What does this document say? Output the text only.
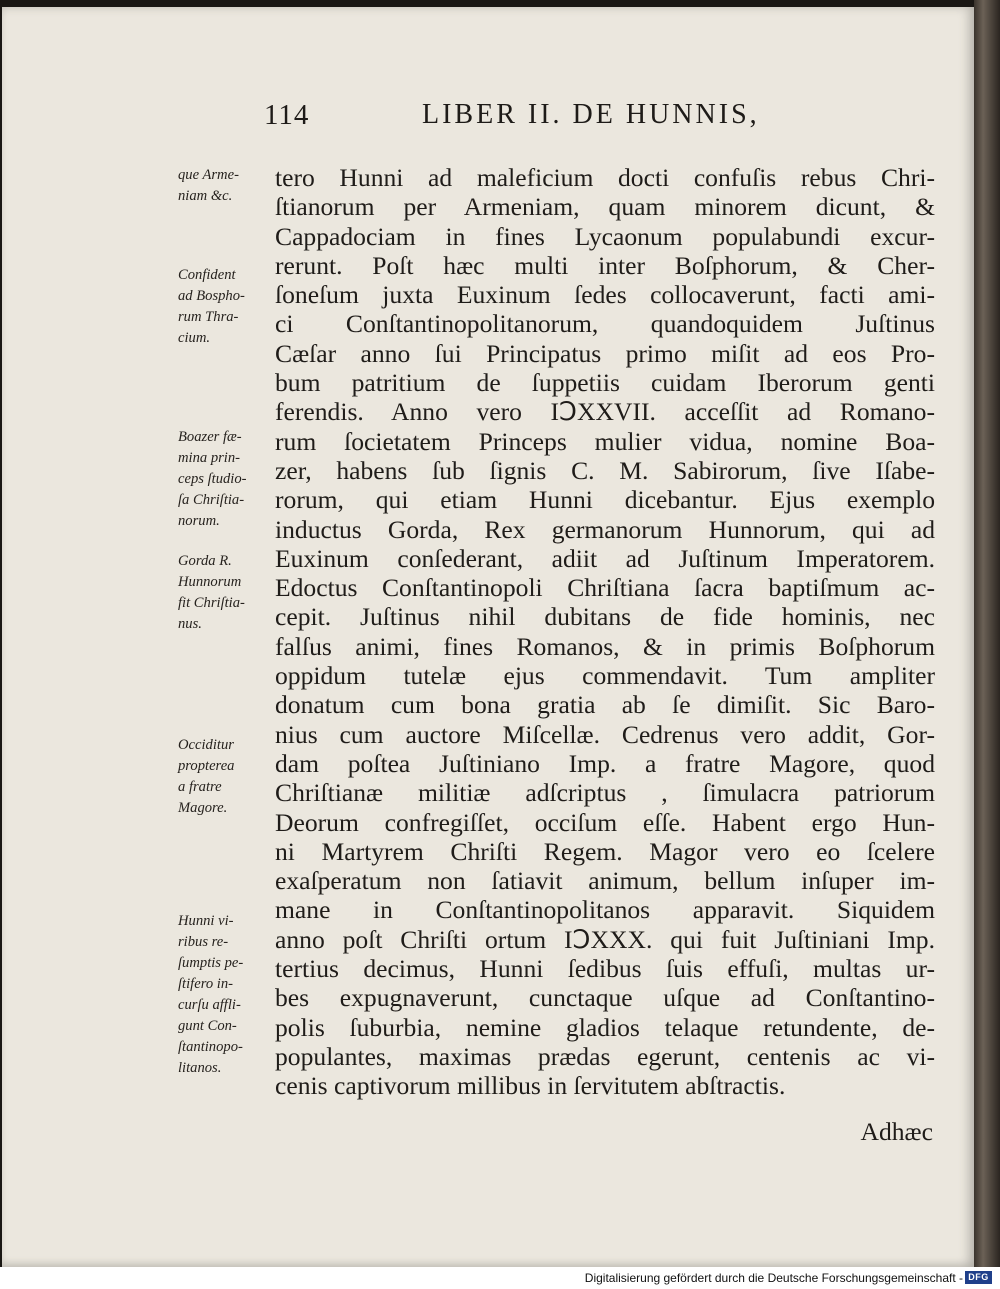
114	LIBER II. DE HUNNIS,
que Arme-
niam &c.
Confident
ad Bospho-
rum Thra-
cium.
Boazer fæ-
mina prin-
ceps ſtudio-
ſa Chriſtia-
norum.
Gorda R.
Hunnorum
fit Chriſtia-
nus.
Occiditur
propterea
a fratre
Magore.
Hunni vi-
ribus re-
ſumptis pe-
ſtifero in-
curſu affli-
gunt Con-
ſtantinopo-
litanos.
tero Hunni ad maleficium docti confuſis rebus Chri-
ſtianorum per Armeniam, quam minorem dicunt, &
Cappadociam in fines Lycaonum populabundi excur-
rerunt. Poſt hæc multi inter Boſphorum, & Cher-
ſoneſum juxta Euxinum ſedes collocaverunt, facti ami-
ci Conſtantinopolitanorum, quandoquidem Juſtinus
Cæſar anno ſui Principatus primo miſit ad eos Pro-
bum patritium de ſuppetiis cuidam Iberorum genti
ferendis. Anno vero IↃXXVII. acceſſit ad Romano-
rum ſocietatem Princeps mulier vidua, nomine Boa-
zer, habens ſub ſignis C. M. Sabirorum, ſive Iſabe-
rorum, qui etiam Hunni dicebantur. Ejus exemplo
inductus Gorda, Rex germanorum Hunnorum, qui ad
Euxinum conſederant, adiit ad Juſtinum Imperatorem.
Edoctus Conſtantinopoli Chriſtiana ſacra baptiſmum ac-
cepit. Juſtinus nihil dubitans de fide hominis, nec
falſus animi, fines Romanos, & in primis Boſphorum
oppidum tutelæ ejus commendavit. Tum ampliter
donatum cum bona gratia ab ſe dimiſit. Sic Baro-
nius cum auctore Miſcellæ. Cedrenus vero addit, Gor-
dam poſtea Juſtiniano Imp. a fratre Magore, quod
Chriſtianæ militiæ adſcriptus , ſimulacra patriorum
Deorum confregiſſet, occiſum eſſe. Habent ergo Hun-
ni Martyrem Chriſti Regem. Magor vero eo ſcelere
exaſperatum non ſatiavit animum, bellum inſuper im-
mane in Conſtantinopolitanos apparavit. Siquidem
anno poſt Chriſti ortum IↃXXX. qui fuit Juſtiniani Imp.
tertius decimus, Hunni ſedibus ſuis effuſi, multas ur-
bes expugnaverunt, cunctaque uſque ad Conſtantino-
polis ſuburbia, nemine gladios telaque retundente, de-
populantes, maximas prædas egerunt, centenis ac vi-
cenis captivorum millibus in ſervitutem abſtractis.
Adhæc
Digitalisierung gefördert durch die Deutsche Forschungsgemeinschaft - DFG
